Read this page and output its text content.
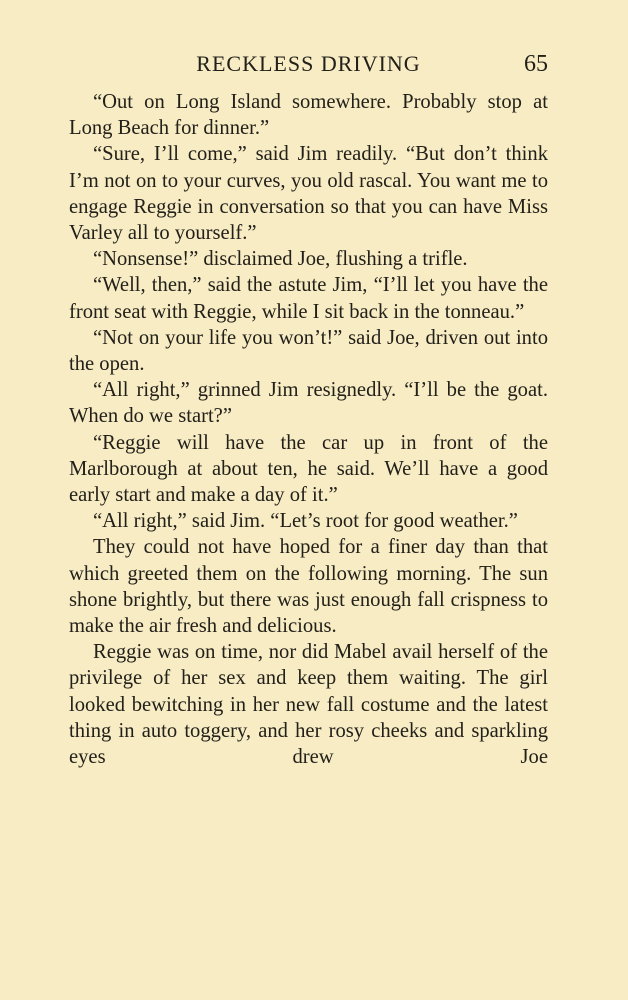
RECKLESS DRIVING	65

“Out on Long Island somewhere. Probably stop at Long Beach for dinner.”

“Sure, I’ll come,” said Jim readily. “But don’t think I’m not on to your curves, you old rascal. You want me to engage Reggie in conversation so that you can have Miss Varley all to yourself.”

“Nonsense!” disclaimed Joe, flushing a trifle.

“Well, then,” said the astute Jim, “I’ll let you have the front seat with Reggie, while I sit back in the tonneau.”

“Not on your life you won’t!” said Joe, driven out into the open.

“All right,” grinned Jim resignedly. “I’ll be the goat. When do we start?”

“Reggie will have the car up in front of the Marlborough at about ten, he said. We’ll have a good early start and make a day of it.”

“All right,” said Jim. “Let’s root for good weather.”

They could not have hoped for a finer day than that which greeted them on the following morning. The sun shone brightly, but there was just enough fall crispness to make the air fresh and delicious.

Reggie was on time, nor did Mabel avail herself of the privilege of her sex and keep them waiting. The girl looked bewitching in her new fall costume and the latest thing in auto toggery, and her rosy cheeks and sparkling eyes drew Joe
